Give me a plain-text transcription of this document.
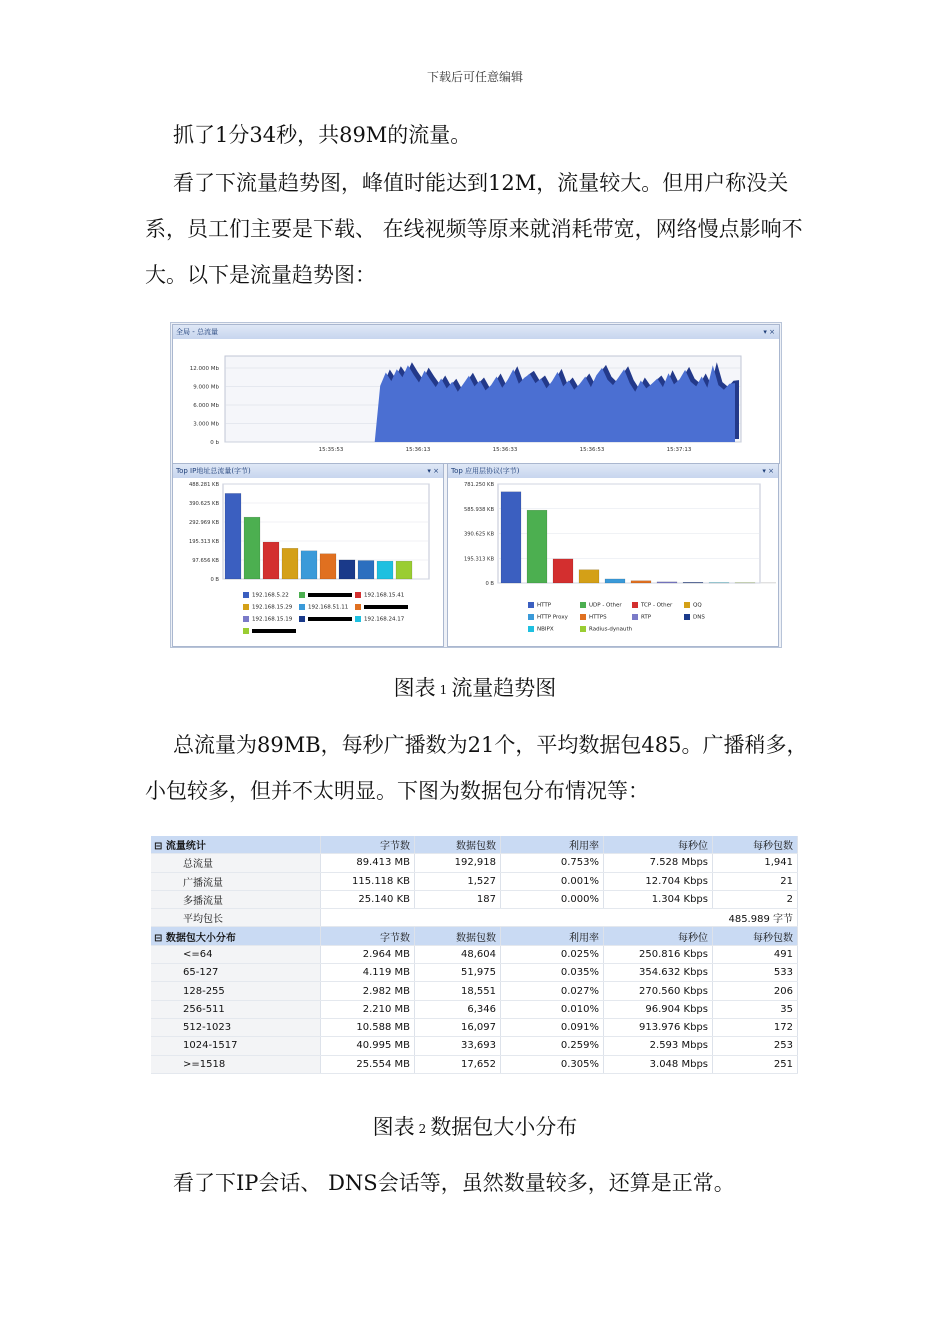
下载后可任意编辑

抓了1分34秒，共89M的流量。

看了下流量趋势图，峰值时能达到12M，流量较大。但用户称没关系，员工们主要是下载、 在线视频等原来就消耗带宽，网络慢点影响不大。以下是流量趋势图：

全局 - 总流量	▾ ×
12.000 Mb
9.000 Mb
6.000 Mb
3.000 Mb
0 b
15:35:53	15:36:13	15:36:33	15:36:53	15:37:13
Top IP地址总流量(字节)	▾ ×
488.281 KB
390.625 KB
292.969 KB
195.313 KB
97.656 KB
0 B
192.168.5.22	192.168.15.41
192.168.15.29	192.168.51.11
192.168.15.19	192.168.24.17
Top 应用层协议(字节)	▾ ×
781.250 KB
585.938 KB
390.625 KB
195.313 KB
0 B
HTTP	UDP - Other	TCP - Other	QQ
HTTP Proxy	HTTPS	RTP	DNS
NBIPX	Radius-dynauth
图表 1 流量趋势图

总流量为89MB，每秒广播数为21个，平均数据包485。广播稍多，小包较多，但并不太明显。下图为数据包分布情况等：

⊟ 流量统计	字节数	数据包数	利用率	每秒位	每秒包数
总流量	89.413 MB	192,918	0.753%	7.528 Mbps	1,941
广播流量	115.118 KB	1,527	0.001%	12.704 Kbps	21
多播流量	25.140 KB	187	0.000%	1.304 Kbps	2
平均包长	485.989 字节				
⊟ 数据包大小分布	字节数	数据包数	利用率	每秒位	每秒包数
<=64	2.964 MB	48,604	0.025%	250.816 Kbps	491
65-127	4.119 MB	51,975	0.035%	354.632 Kbps	533
128-255	2.982 MB	18,551	0.027%	270.560 Kbps	206
256-511	2.210 MB	6,346	0.010%	96.904 Kbps	35
512-1023	10.588 MB	16,097	0.091%	913.976 Kbps	172
1024-1517	40.995 MB	33,693	0.259%	2.593 Mbps	253
>=1518	25.554 MB	17,652	0.305%	3.048 Mbps	251
图表 2 数据包大小分布

看了下IP会话、 DNS会话等，虽然数量较多，还算是正常。
